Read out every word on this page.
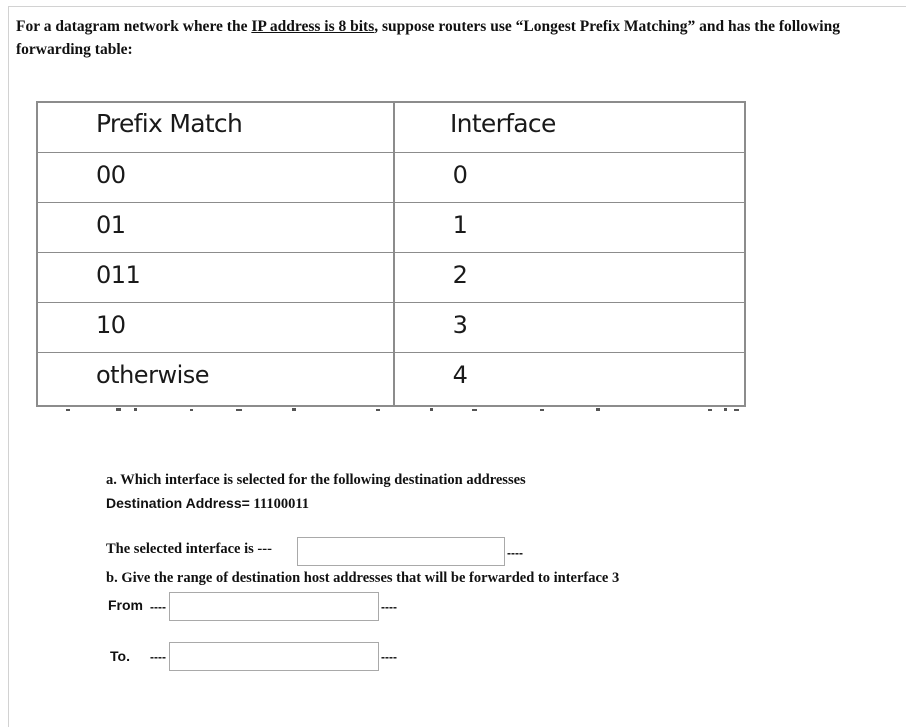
For a datagram network where the IP address is 8 bits, suppose routers use “Longest Prefix Matching” and has the following forwarding table:
Prefix Match	Interface
00	0
01	1
011	2
10	3
otherwise	4
a. Which interface is selected for the following destination addresses
Destination Address= 11100011
The selected interface is ---	----
b. Give the range of destination host addresses that will be forwarded to interface 3
From ----	----
To. ----	----
